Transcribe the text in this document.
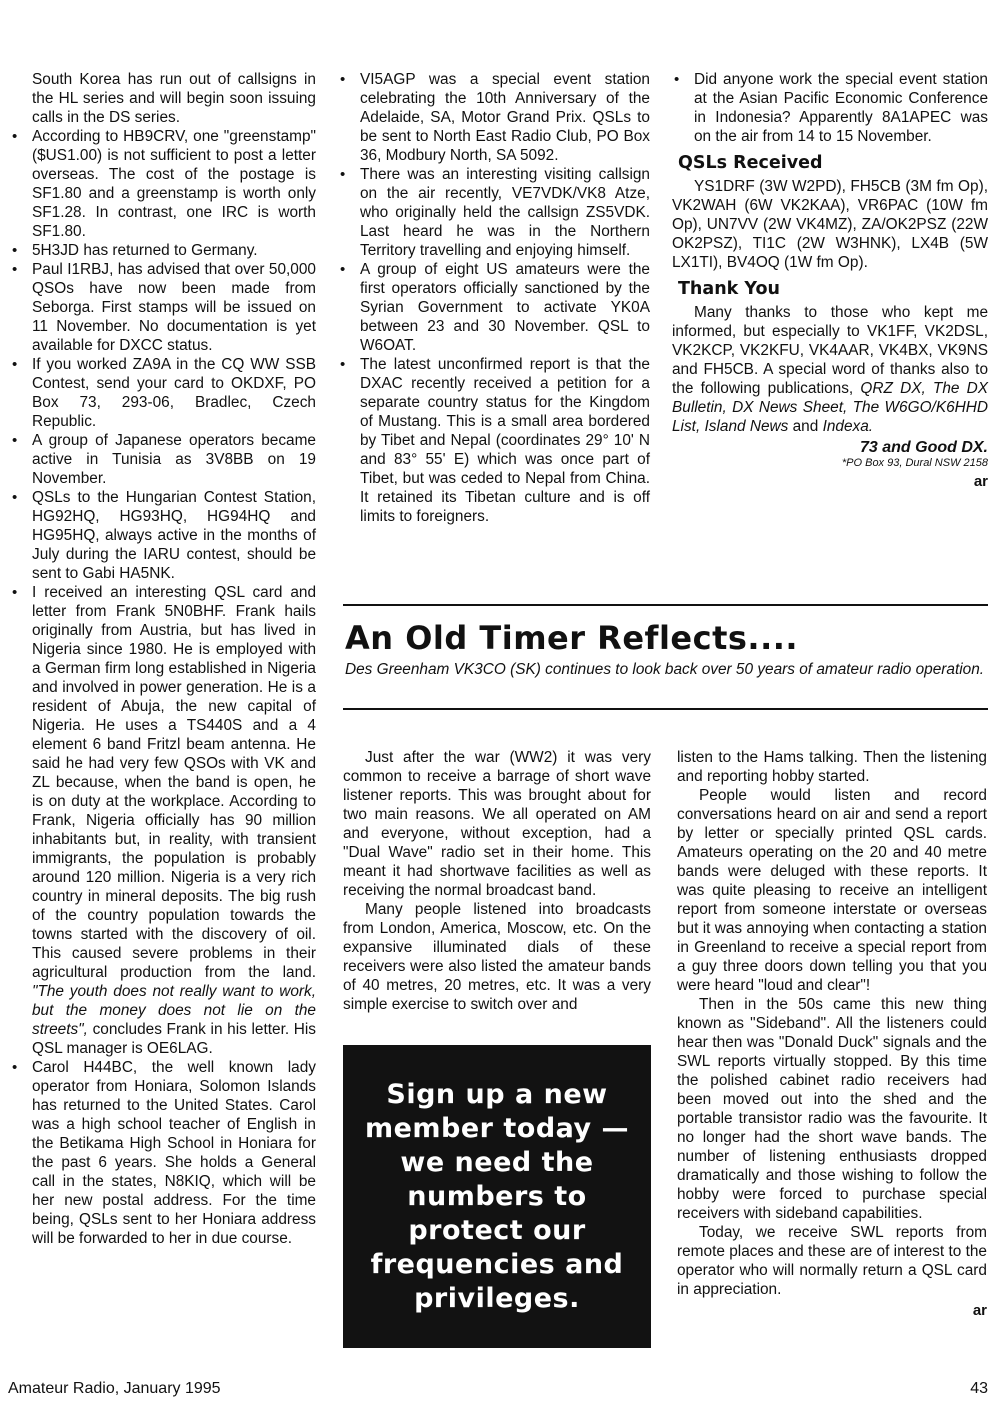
South Korea has run out of callsigns in the HL series and will begin soon issuing calls in the DS series.

• According to HB9CRV, one "greenstamp" ($US1.00) is not sufficient to post a letter overseas. The cost of the postage is SF1.80 and a greenstamp is worth only SF1.28. In contrast, one IRC is worth SF1.80.
• 5H3JD has returned to Germany.
• Paul I1RBJ, has advised that over 50,000 QSOs have now been made from Seborga. First stamps will be issued on 11 November. No documentation is yet available for DXCC status.
• If you worked ZA9A in the CQ WW SSB Contest, send your card to OKDXF, PO Box 73, 293-06, Bradlec, Czech Republic.
• A group of Japanese operators became active in Tunisia as 3V8BB on 19 November.
• QSLs to the Hungarian Contest Station, HG92HQ, HG93HQ, HG94HQ and HG95HQ, always active in the months of July during the IARU contest, should be sent to Gabi HA5NK.
• I received an interesting QSL card and letter from Frank 5N0BHF. Frank hails originally from Austria, but has lived in Nigeria since 1980. He is employed with a German firm long established in Nigeria and involved in power generation. He is a resident of Abuja, the new capital of Nigeria. He uses a TS440S and a 4 element 6 band Fritzl beam antenna. He said he had very few QSOs with VK and ZL because, when the band is open, he is on duty at the workplace. According to Frank, Nigeria officially has 90 million inhabitants but, in reality, with transient immigrants, the population is probably around 120 million. Nigeria is a very rich country in mineral deposits. The big rush of the country population towards the towns started with the discovery of oil. This caused severe problems in their agricultural production from the land. "The youth does not really want to work, but the money does not lie on the streets", concludes Frank in his letter. His QSL manager is OE6LAG.
• Carol H44BC, the well known lady operator from Honiara, Solomon Islands has returned to the United States. Carol was a high school teacher of English in the Betikama High School in Honiara for the past 6 years. She holds a General call in the states, N8KIQ, which will be her new postal address. For the time being, QSLs sent to her Honiara address will be forwarded to her in due course.
• VI5AGP was a special event station celebrating the 10th Anniversary of the Adelaide, SA, Motor Grand Prix. QSLs to be sent to North East Radio Club, PO Box 36, Modbury North, SA 5092.
• There was an interesting visiting callsign on the air recently, VE7VDK/VK8 Atze, who originally held the callsign ZS5VDK. Last heard he was in the Northern Territory travelling and enjoying himself.
• A group of eight US amateurs were the first operators officially sanctioned by the Syrian Government to activate YK0A between 23 and 30 November. QSL to W6OAT.
• The latest unconfirmed report is that the DXAC recently received a petition for a separate country status for the Kingdom of Mustang. This is a small area bordered by Tibet and Nepal (coordinates 29° 10' N and 83° 55' E) which was once part of Tibet, but was ceded to Nepal from China. It retained its Tibetan culture and is off limits to foreigners.
• Did anyone work the special event station at the Asian Pacific Economic Conference in Indonesia? Apparently 8A1APEC was on the air from 14 to 15 November.
QSLs Received

YS1DRF (3W W2PD), FH5CB (3M fm Op), VK2WAH (6W VK2KAA), VR6PAC (10W fm Op), UN7VV (2W VK4MZ), ZA/OK2PSZ (22W OK2PSZ), TI1C (2W W3HNK), LX4B (5W LX1TI), BV4OQ (1W fm Op).

Thank You

Many thanks to those who kept me informed, but especially to VK1FF, VK2DSL, VK2KCP, VK2KFU, VK4AAR, VK4BX, VK9NS and FH5CB. A special word of thanks also to the following publications, QRZ DX, The DX Bulletin, DX News Sheet, The W6GO/K6HHD List, Island News and Indexa.

73 and Good DX.
*PO Box 93, Dural NSW 2158
ar
An Old Timer Reflects....
Des Greenham VK3CO (SK) continues to look back over 50 years of amateur radio operation.

Just after the war (WW2) it was very common to receive a barrage of short wave listener reports. This was brought about for two main reasons. We all operated on AM and everyone, without exception, had a "Dual Wave" radio set in their home. This meant it had shortwave facilities as well as receiving the normal broadcast band.

Many people listened into broadcasts from London, America, Moscow, etc. On the expansive illuminated dials of these receivers were also listed the amateur bands of 40 metres, 20 metres, etc. It was a very simple exercise to switch over and

Sign up a new member today — we need the numbers to protect our frequencies and privileges.

listen to the Hams talking. Then the listening and reporting hobby started.

People would listen and record conversations heard on air and send a report by letter or specially printed QSL cards. Amateurs operating on the 20 and 40 metre bands were deluged with these reports. It was quite pleasing to receive an intelligent report from someone interstate or overseas but it was annoying when contacting a station in Greenland to receive a special report from a guy three doors down telling you that you were heard "loud and clear"!

Then in the 50s came this new thing known as "Sideband". All the listeners could hear then was "Donald Duck" signals and the SWL reports virtually stopped. By this time the polished cabinet radio receivers had been moved out into the shed and the portable transistor radio was the favourite. It no longer had the short wave bands. The number of listening enthusiasts dropped dramatically and those wishing to follow the hobby were forced to purchase special receivers with sideband capabilities.

Today, we receive SWL reports from remote places and these are of interest to the operator who will normally return a QSL card in appreciation.

ar
Amateur Radio, January 1995	43
